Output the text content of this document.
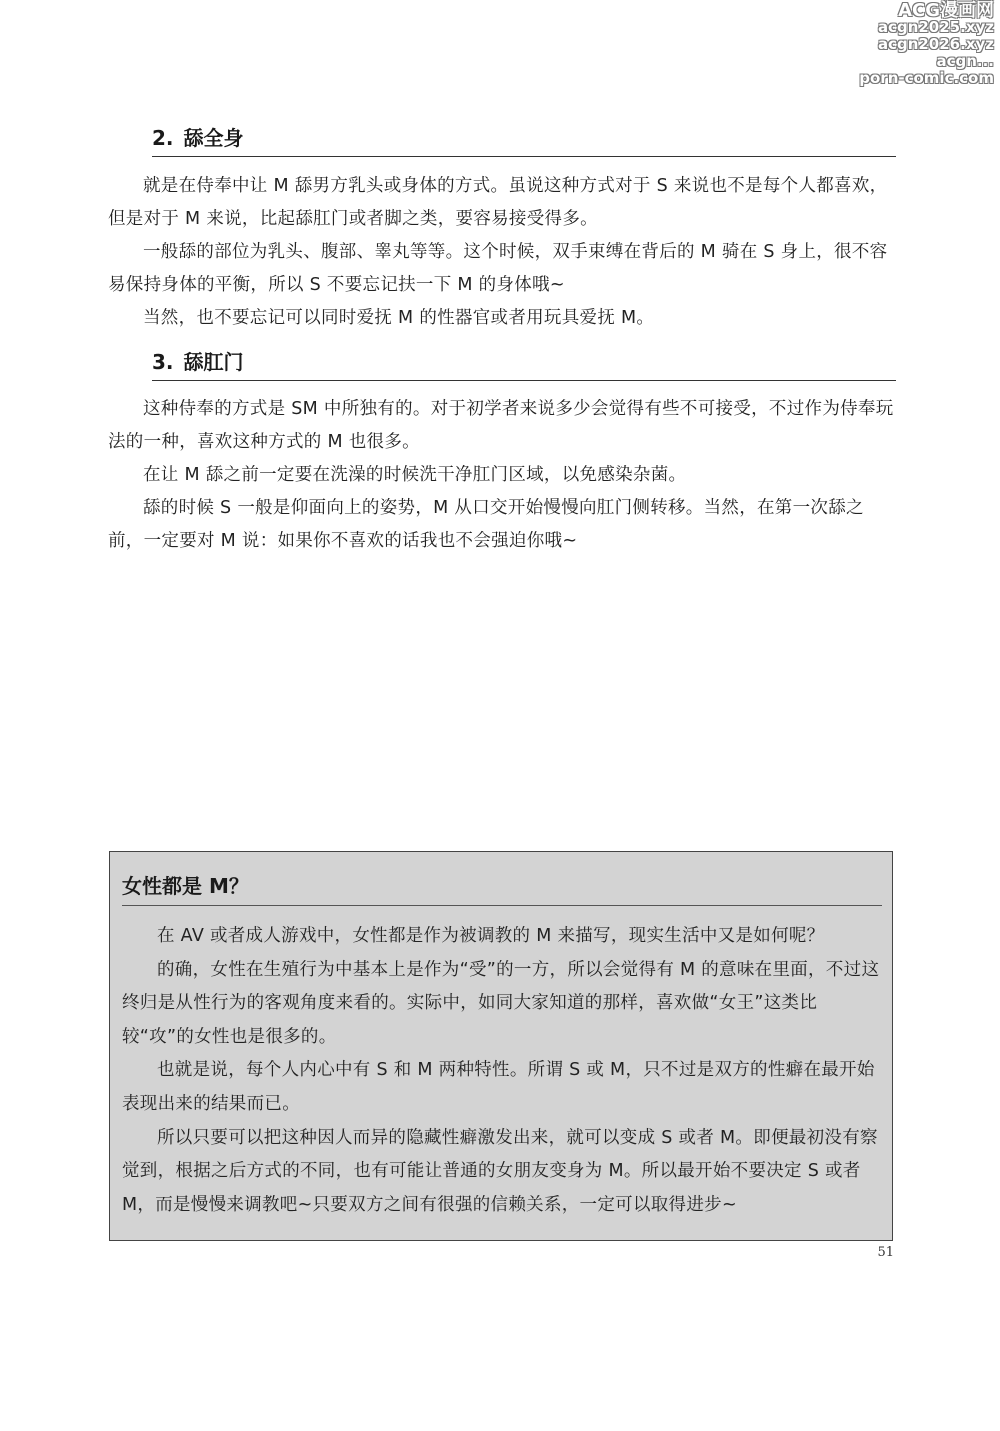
ACG漫画网
acgn2025.xyz
acgn2026.xyz
acgn...
porn-comic.com
2. 舔全身

就是在侍奉中让 M 舔男方乳头或身体的方式。虽说这种方式对于 S 来说也不是每个人都喜欢，但是对于 M 来说，比起舔肛门或者脚之类，要容易接受得多。

一般舔的部位为乳头、腹部、睾丸等等。这个时候，双手束缚在背后的 M 骑在 S 身上，很不容易保持身体的平衡，所以 S 不要忘记扶一下 M 的身体哦~

当然，也不要忘记可以同时爱抚 M 的性器官或者用玩具爱抚 M。

3. 舔肛门

这种侍奉的方式是 SM 中所独有的。对于初学者来说多少会觉得有些不可接受，不过作为侍奉玩法的一种，喜欢这种方式的 M 也很多。

在让 M 舔之前一定要在洗澡的时候洗干净肛门区域，以免感染杂菌。

舔的时候 S 一般是仰面向上的姿势，M 从口交开始慢慢向肛门侧转移。当然，在第一次舔之前，一定要对 M 说：如果你不喜欢的话我也不会强迫你哦~

女性都是 M？

在 AV 或者成人游戏中，女性都是作为被调教的 M 来描写，现实生活中又是如何呢？

的确，女性在生殖行为中基本上是作为“受”的一方，所以会觉得有 M 的意味在里面，不过这终归是从性行为的客观角度来看的。实际中，如同大家知道的那样，喜欢做“女王”这类比较“攻”的女性也是很多的。

也就是说，每个人内心中有 S 和 M 两种特性。所谓 S 或 M，只不过是双方的性癖在最开始表现出来的结果而已。

所以只要可以把这种因人而异的隐藏性癖激发出来，就可以变成 S 或者 M。即便最初没有察觉到，根据之后方式的不同，也有可能让普通的女朋友变身为 M。所以最开始不要决定 S 或者 M，而是慢慢来调教吧~只要双方之间有很强的信赖关系，一定可以取得进步~

51
